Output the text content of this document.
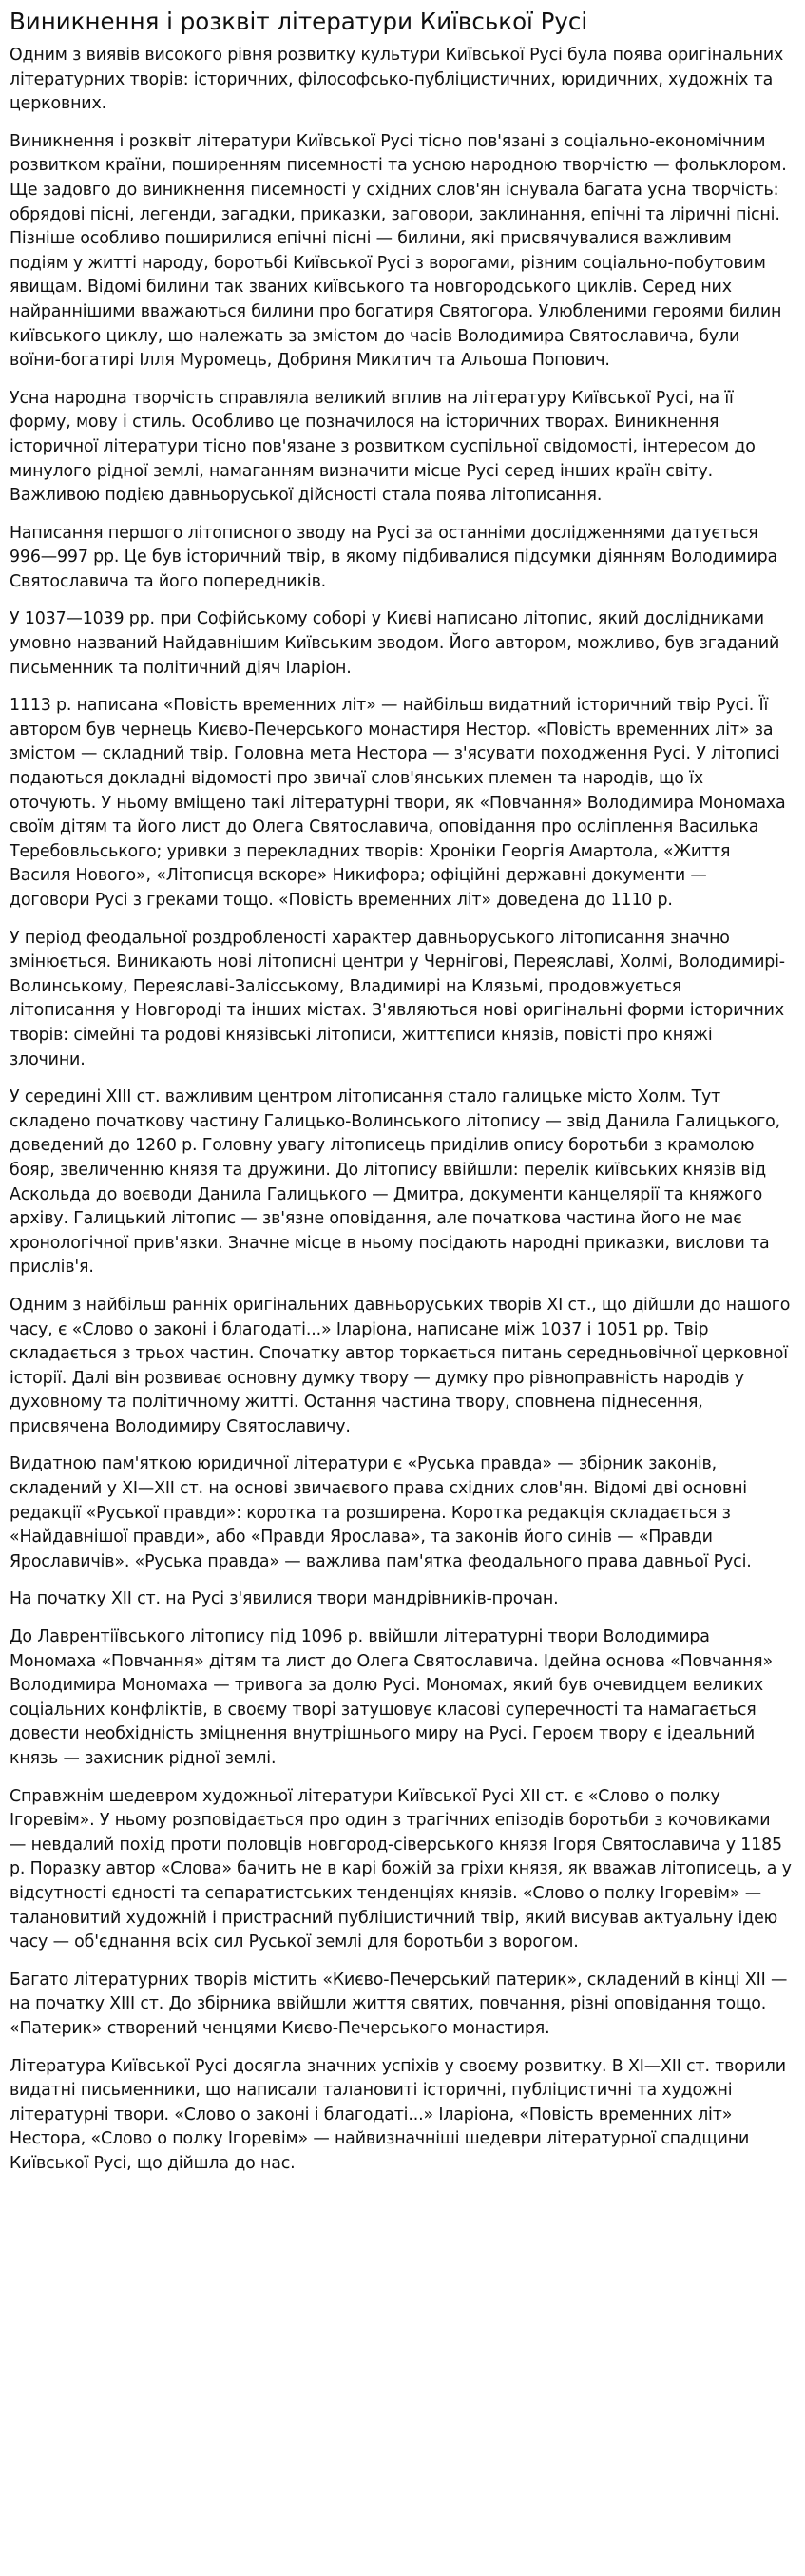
Виникнення і розквіт літератури Київської Русі

Одним з виявів високого рівня розвитку культури Київської Русі була поява оригінальних літературних творів: історичних, філософсько-публіцистичних, юридичних, художніх та церковних.

Виникнення і розквіт літератури Київської Русі тісно пов'язані з соціально-економічним розвитком країни, поширенням писемності та усною народною творчістю — фольклором. Ще задовго до виникнення писемності у східних слов'ян існувала багата усна творчість: обрядові пісні, легенди, загадки, приказки, заговори, заклинання, епічні та ліричні пісні. Пізніше особливо поширилися епічні пісні — билини, які присвячувалися важливим подіям у житті народу, боротьбі Київської Русі з ворогами, різним соціально-побутовим явищам. Відомі билини так званих київського та новгородського циклів. Серед них найраннішими вважаються билини про богатиря Святогора. Улюбленими героями билин київського циклу, що належать за змістом до часів Володимира Святославича, були воїни-богатирі Ілля Муромець, Добриня Микитич та Альоша Попович.

Усна народна творчість справляла великий вплив на літературу Київської Русі, на її форму, мову і стиль. Особливо це позначилося на історичних творах. Виникнення історичної літератури тісно пов'язане з розвитком суспільної свідомості, інтересом до минулого рідної землі, намаганням визначити місце Русі серед інших країн світу. Важливою подією давньоруської дійсності стала поява літописання.

Написання першого літописного зводу на Русі за останніми дослідженнями датується 996—997 рр. Це був історичний твір, в якому підбивалися підсумки діянням Володимира Святославича та його попередників.

У 1037—1039 рр. при Софійському соборі у Києві написано літопис, який дослідниками умовно названий Найдавнішим Київським зводом. Його автором, можливо, був згаданий письменник та політичний діяч Іларіон.

1113 р. написана «Повість временних літ» — найбільш видатний історичний твір Русі. Її автором був чернець Києво-Печерського монастиря Нестор. «Повість временних літ» за змістом — складний твір. Головна мета Нестора — з'ясувати походження Русі. У літописі подаються докладні відомості про звичаї слов'янських племен та народів, що їх оточують. У ньому вміщено такі літературні твори, як «Повчання» Володимира Мономаха своїм дітям та його лист до Олега Святославича, оповідання про осліплення Василька Теребовльського; уривки з перекладних творів: Хроніки Георгія Амартола, «Життя Василя Нового», «Літописця вскоре» Никифора; офіційні державні документи — договори Русі з греками тощо. «Повість временних літ» доведена до 1110 р.

У період феодальної роздробленості характер давньоруського літописання значно змінюється. Виникають нові літописні центри у Чернігові, Переяславі, Холмі, Володимирі-Волинському, Переяславі-Залісському, Владимирі на Клязьмі, продовжується літописання у Новгороді та інших містах. З'являються нові оригінальні форми історичних творів: сімейні та родові князівські літописи, життєписи князів, повісті про княжі злочини.

У середині XIII ст. важливим центром літописання стало галицьке місто Холм. Тут складено початкову частину Галицько-Волинського літопису — звід Данила Галицького, доведений до 1260 р. Головну увагу літописець приділив опису боротьби з крамолою бояр, звеличенню князя та дружини. До літопису ввійшли: перелік київських князів від Аскольда до воєводи Данила Галицького — Дмитра, документи канцелярії та княжого архіву. Галицький літопис — зв'язне оповідання, але початкова частина його не має хронологічної прив'язки. Значне місце в ньому посідають народні приказки, вислови та прислів'я.

Одним з найбільш ранніх оригінальних давньоруських творів XI ст., що дійшли до нашого часу, є «Слово о законі і благодаті...» Іларіона, написане між 1037 і 1051 рр. Твір складається з трьох частин. Спочатку автор торкається питань середньовічної церковної історії. Далі він розвиває основну думку твору — думку про рівноправність народів у духовному та політичному житті. Остання частина твору, сповнена піднесення, присвячена Володимиру Святославичу.

Видатною пам'яткою юридичної літератури є «Руська правда» — збірник законів, складений у XI—XII ст. на основі звичаєвого права східних слов'ян. Відомі дві основні редакції «Руської правди»: коротка та розширена. Коротка редакція складається з «Найдавнішої правди», або «Правди Ярослава», та законів його синів — «Правди Ярославичів». «Руська правда» — важлива пам'ятка феодального права давньої Русі.

На початку XII ст. на Русі з'явилися твори мандрівників-прочан.

До Лаврентіївського літопису під 1096 р. ввійшли літературні твори Володимира Мономаха «Повчання» дітям та лист до Олега Святославича. Ідейна основа «Повчання» Володимира Мономаха — тривога за долю Русі. Мономах, який був очевидцем великих соціальних конфліктів, в своєму творі затушовує класові суперечності та намагається довести необхідність зміцнення внутрішнього миру на Русі. Героєм твору є ідеальний князь — захисник рідної землі.

Справжнім шедевром художньої літератури Київської Русі XII ст. є «Слово о полку Ігоревім». У ньому розповідається про один з трагічних епізодів боротьби з кочовиками — невдалий похід проти половців новгород-сіверського князя Ігоря Святославича у 1185 р. Поразку автор «Слова» бачить не в карі божій за гріхи князя, як вважав літописець, а у відсутності єдності та сепаратистських тенденціях князів. «Слово о полку Ігоревім» — талановитий художній і пристрасний публіцистичний твір, який висував актуальну ідею часу — об'єднання всіх сил Руської землі для боротьби з ворогом.

Багато літературних творів містить «Києво-Печерський патерик», складений в кінці XII — на початку XIII ст. До збірника ввійшли життя святих, повчання, різні оповідання тощо. «Патерик» створений ченцями Києво-Печерського монастиря.

Література Київської Русі досягла значних успіхів у своєму розвитку. В XI—XII ст. творили видатні письменники, що написали талановиті історичні, публіцистичні та художні літературні твори. «Слово о законі і благодаті...» Іларіона, «Повість временних літ» Нестора, «Слово о полку Ігоревім» — найвизначніші шедеври літературної спадщини Київської Русі, що дійшла до нас.
